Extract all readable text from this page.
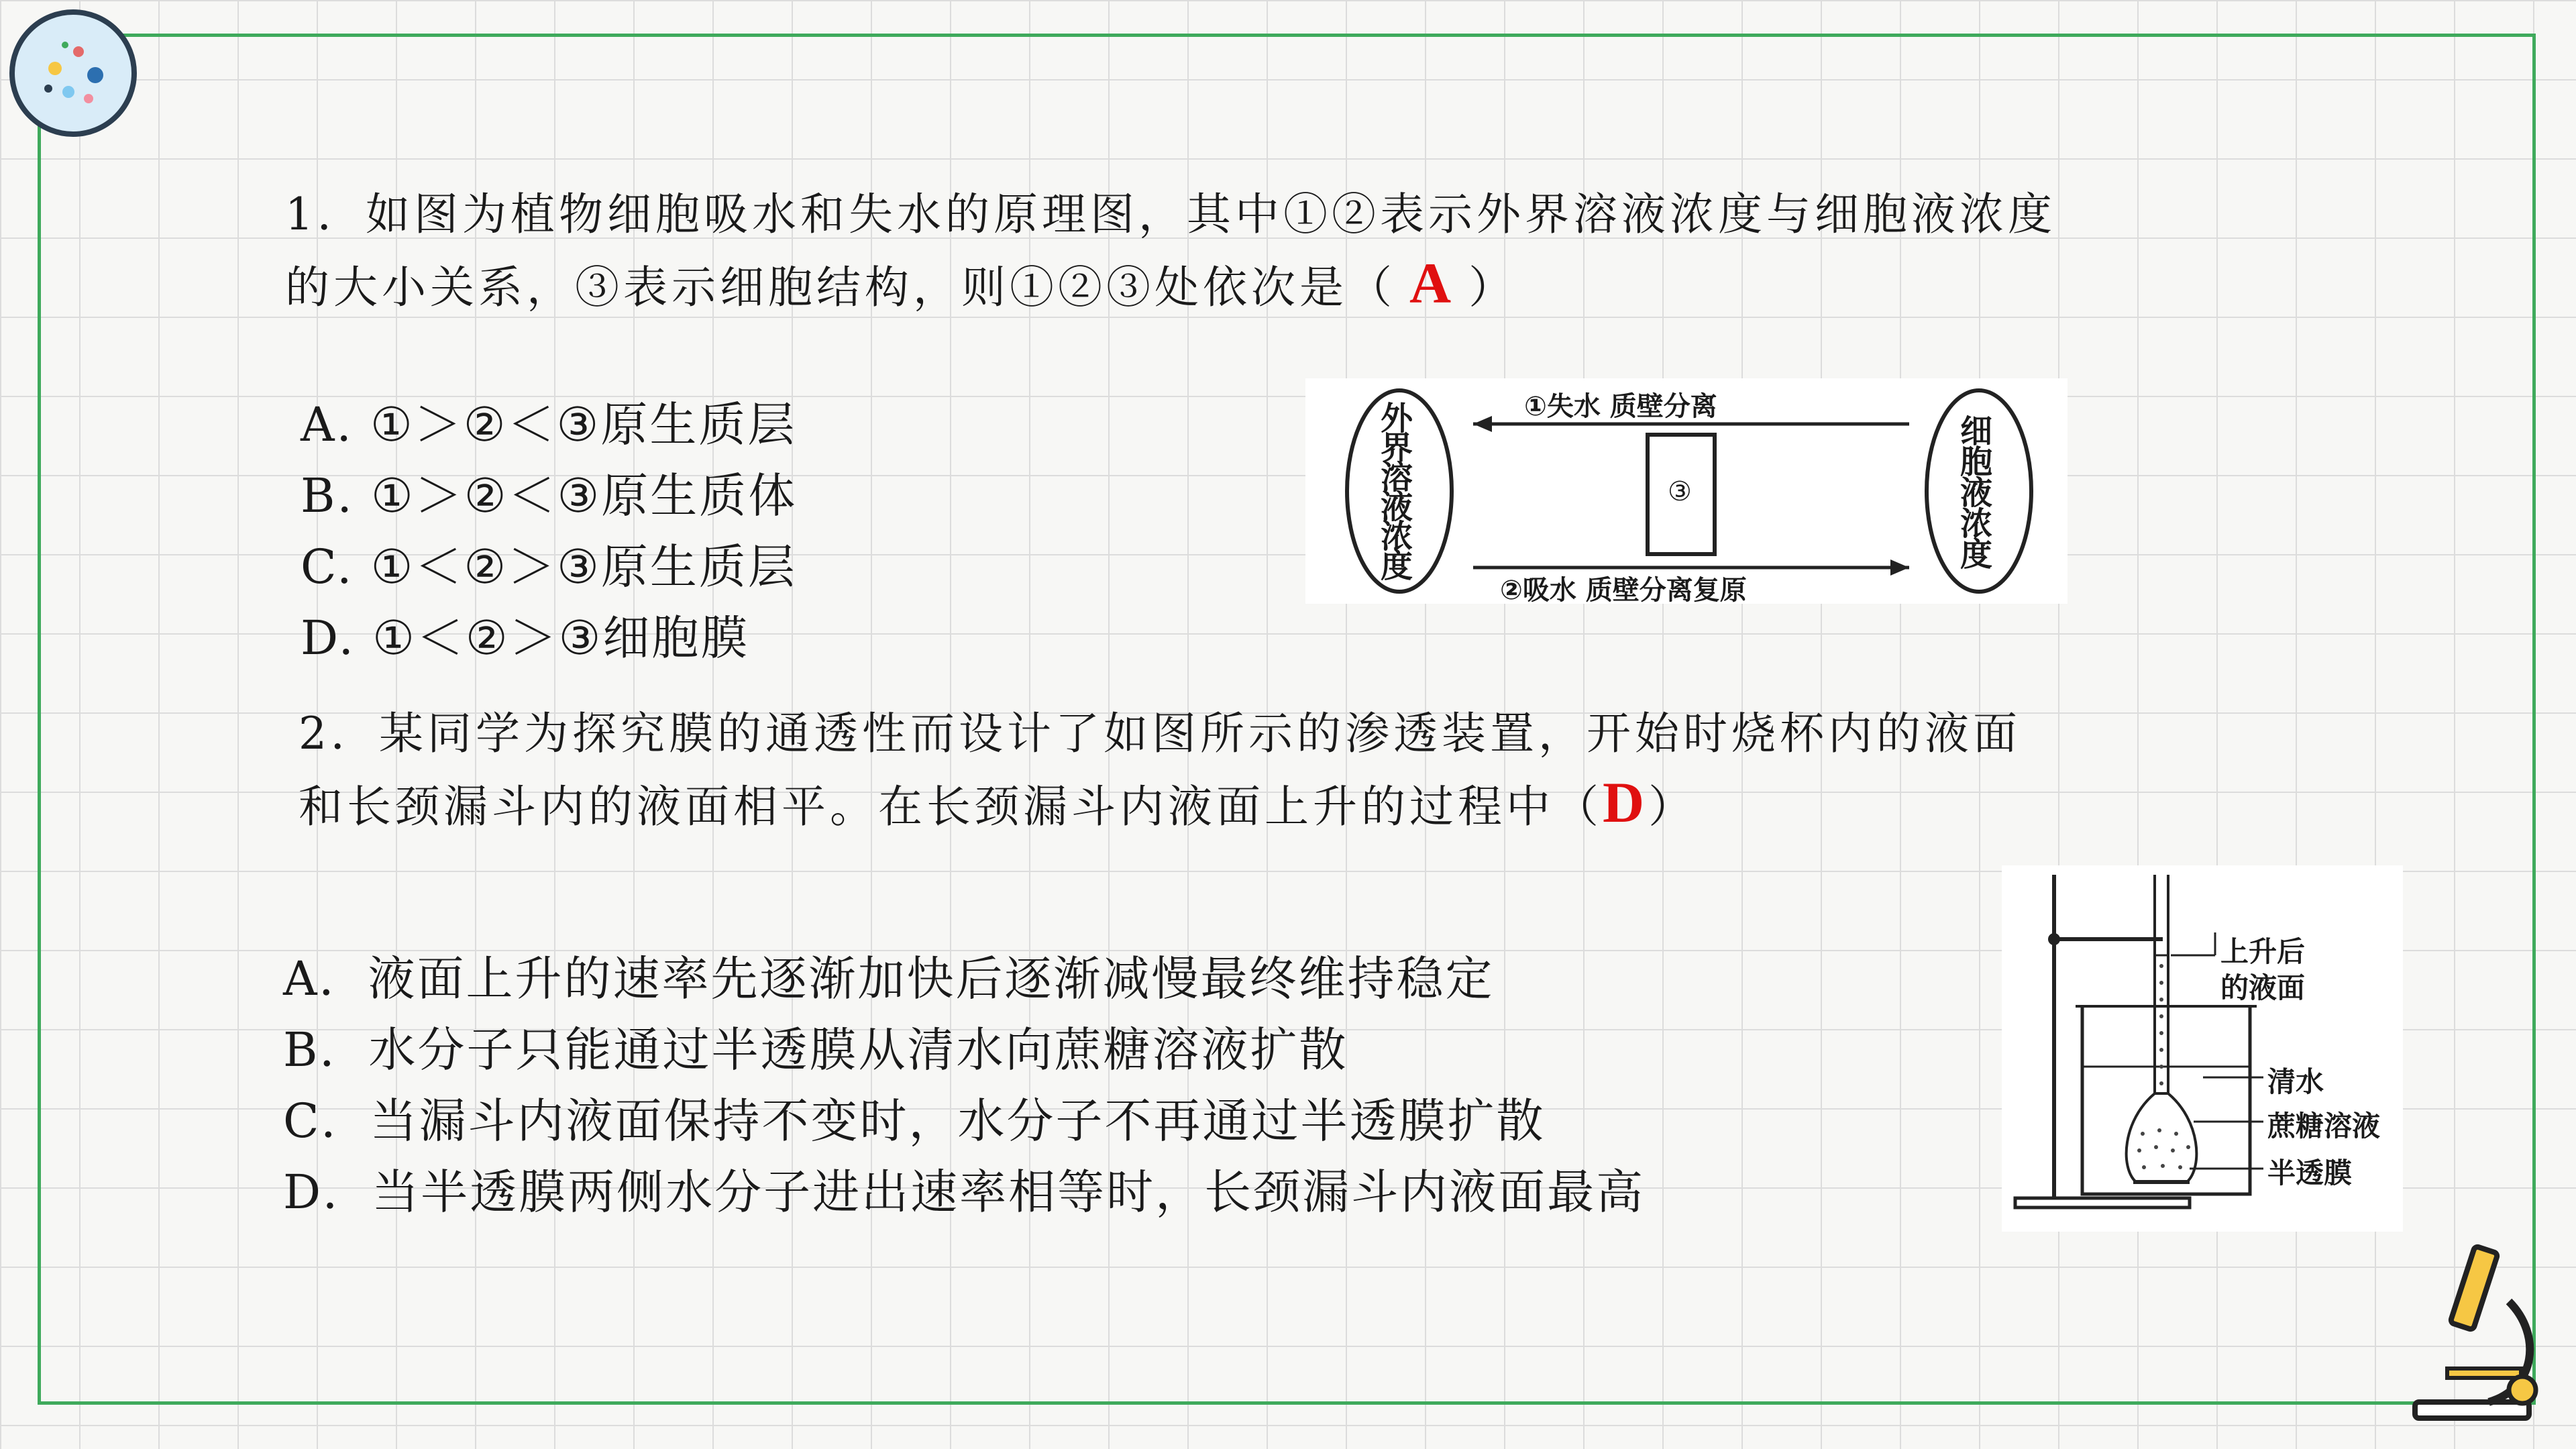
1．如图为植物细胞吸水和失水的原理图，其中①②表示外界溶液浓度与细胞液浓度
的大小关系，③表示细胞结构，则①②③处依次是（ A ）
A. ①＞②＜③原生质层
B. ①＞②＜③原生质体
C. ①＜②＞③原生质层
D. ①＜②＞③细胞膜
外界溶液浓度
细胞液浓度
①失水 质壁分离
②吸水 质壁分离复原
③
2．某同学为探究膜的通透性而设计了如图所示的渗透装置，开始时烧杯内的液面
和长颈漏斗内的液面相平。在长颈漏斗内液面上升的过程中（D）
A．液面上升的速率先逐渐加快后逐渐减慢最终维持稳定
B．水分子只能通过半透膜从清水向蔗糖溶液扩散
C．当漏斗内液面保持不变时，水分子不再通过半透膜扩散
D．当半透膜两侧水分子进出速率相等时，长颈漏斗内液面最高
上升后
的液面
清水
蔗糖溶液
半透膜
